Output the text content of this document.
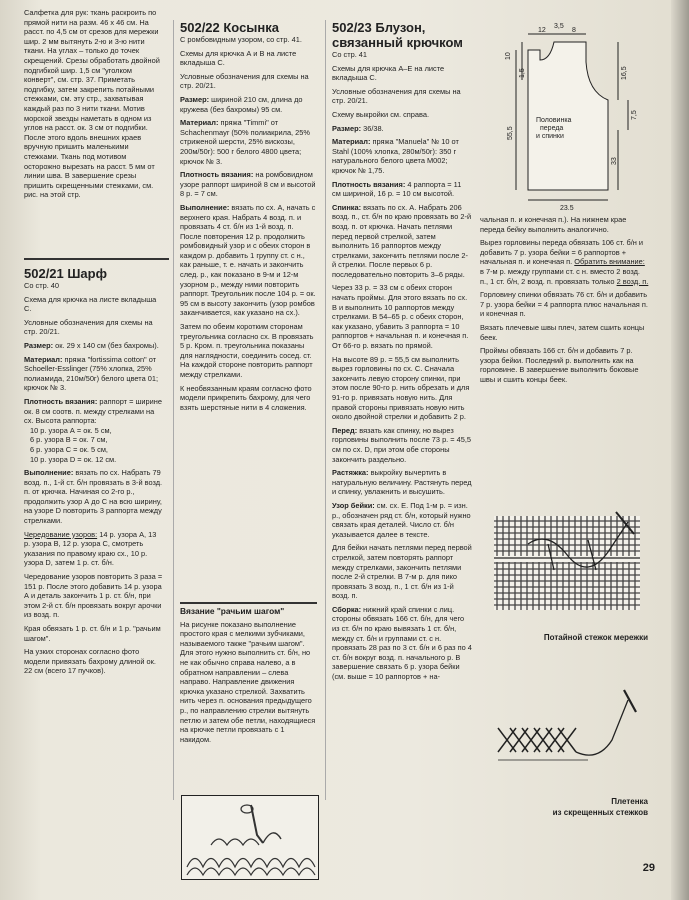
Салфетка для рук: ткань раскроить по прямой нити на разм. 46 x 46 см. На расст. по 4,5 см от срезов для мережки шир. 2 мм вытянуть 2-ю и 3-ю нити ткани. На углах – только до точек скрещений. Срезы обработать двойной подгибкой шир. 1,5 см "уголком конверт", см. стр. 37. Приметать подгибку, затем закрепить потайными стежками, см. эту стр., захватывая каждый раз по 3 нити ткани. Мотив морской звезды наметать в одном из углов на расст. ок. 3 см от подгибки. После этого вдоль внешних краев вручную пришить маленькими стежками. Ткань под мотивом осторожно вырезать на расст. 5 мм от линии шва. В завершение срезы пришить скрещенными стежками, см. рис. на этой стр.

502/21 Шарф

Со стр. 40

Схема для крючка на листе вкладыша С.

Условные обозначения для схемы на стр. 20/21.

Размер: ок. 29 x 140 см (без бахромы).

Материал: пряжа "fortissima cotton" от Schoeller-Esslinger (75% хлопка, 25% полиамида, 210м/50г) белого цвета 01; крючок № 3.

Плотность вязания: раппорт = ширине ок. 8 см соотв. п. между стрелками на сх. Высота раппорта:

10 р. узора А = ок. 5 см,
6 р. узора В = ок. 7 см,
6 р. узора С = ок. 5 см,
10 р. узора D = ок. 12 см.

Выполнение: вязать по сх. Набрать 79 возд. п., 1-й ст. б/н провязать в 3-й возд. п. от крючка. Начиная со 2-го р., продолжить узор А до С на всю ширину, на узоре D повторить 3 раппорта между стрелками.

Чередование узоров: 14 р. узора А, 13 р. узора В, 12 р. узора С, смотреть указания по правому краю сх., 10 р. узора D, затем 1 р. ст. б/н.

Чередование узоров повторить 3 раза = 151 р. После этого добавить 14 р. узора А и деталь закончить 1 р. ст. б/н, при этом 2-й ст. б/н провязать вокруг арочки из возд. п.

Края обвязать 1 р. ст. б/н и 1 р. "рачьим шагом".

На узких сторонах согласно фото модели привязать бахрому длиной ок. 22 см (всего 17 пучков).

502/22 Косынка

С ромбовидным узором, со стр. 41.

Схемы для крючка А и В на листе вкладыша С.

Условные обозначения для схемы на стр. 20/21.

Размер: шириной 210 см, длина до кружева (без бахромы) 95 см.

Материал: пряжа "Timmi" от Schachenmayr (50% полиакрила, 25% стриженой шерсти, 25% вискозы, 200м/50г): 500 г белого 4800 цвета; крючок № 3.

Плотность вязания: на ромбовидном узоре раппорт шириной 8 см и высотой 8 р. = 7 см.

Выполнение: вязать по сх. А, начать с верхнего края. Набрать 4 возд. п. и провязать 4 ст. б/н из 1-й возд. п. После повторения 12 р. продолжить ромбовидный узор и с обеих сторон в каждом р. добавить 1 группу ст. с н., как раньше, т. е. начать и закончить след. р., как показано в 9-м и 12-м узорном р., между ними повторить раппорт. Треугольник после 104 р. = ок. 95 см в высоту закончить (узор ромбов заканчивается, как указано на сх.).

Затем по обеим коротким сторонам треугольника согласно сх. В провязать 5 р. Кром. п. треугольника показаны для наглядности, соединить сосед. ст. На каждой стороне повторить раппорт между стрелками.

К необвязанным краям согласно фото модели прикрепить бахрому, для чего взять шерстяные нити в 4 сложения.

Вязание "рачьим шагом"

На рисунке показано выполнение простого края с мелкими зубчиками, называемого также "рачьим шагом". Для этого нужно выполнить ст. б/н, но не как обычно справа налево, а в обратном направлении – слева направо. Направление движения крючка указано стрелкой. Захватить нить через п. основания предыдущего р., по направлению стрелки вытянуть петлю и затем обе петли, находящиеся на крючке петли провязать с 1 накидом.

502/23 Блузон, связанный крючком

Со стр. 41

Схемы для крючка А–Е на листе вкладыша С.

Условные обозначения для схемы на стр. 20/21.

Схему выкройки см. справа.

Размер: 36/38.

Материал: пряжа "Manuela" № 10 от Stahl (100% хлопка, 280м/50г): 350 г натурального белого цвета М002; крючок № 1,75.

Плотность вязания: 4 раппорта = 11 см шириной, 16 р. = 10 см высотой.

Спинка: вязать по сх. А. Набрать 206 возд. п., ст. б/н по краю провязать во 2-й возд. п. от крючка. Начать петлями перед первой стрелкой, затем выполнить 16 раппортов между стрелками, закончить петлями после 2-й стрелки. После первых 6 р. последовательно повторить 3–6 ряды.

Через 33 р. = 33 см с обеих сторон начать проймы. Для этого вязать по сх. В и выполнить 10 раппортов между стрелками. В 54–65 р. с обеих сторон, как указано, убавить 3 раппорта = 10 раппортов + начальная п. и конечная п. От 66-го р. вязать по прямой.

На высоте 89 р. = 55,5 см выполнить вырез горловины по сх. С. Сначала закончить левую сторону спинки, при этом после 90-го р. нить обрезать и для 91-го р. привязать новую нить. Для правой стороны привязать новую нить около двойной стрелки и добавить 2 р.

Перед: вязать как спинку, но вырез горловины выполнить после 73 р. = 45,5 см по сх. D, при этом обе стороны закончить раздельно.

Растяжка: выкройку вычертить в натуральную величину. Растянуть перед и спинку, увлажнить и высушить.

Узор бейки: см. сх. Е. Под 1-м р. = изн. р., обозначен ряд ст. б/н, который нужно связать края деталей. Число ст. б/н указывается далее в тексте.

Для бейки начать петлями перед первой стрелкой, затем повторять раппорт между стрелками, закончить петлями после 2-й стрелки. В 7-м р. для пико провязать 3 возд. п., 1 ст. б/н из 1-й возд. п.

Сборка: нижний край спинки с лиц. стороны обвязать 166 ст. б/н, для чего из ст. б/н по краю вывязать 1 ст. б/н, между ст. б/н и группами ст. с н. провязать 28 раз по 3 ст. б/н и 6 раз по 4 ст. б/н вокруг возд. п. начального р. В завершение связать 6 р. узора бейки (см. выше = 10 раппортов + на-

12
3,5
8
10
1,5	16,5
7,5
33
55,5
23,5
Половинка
переда
и спинки

чальная п. и конечная п.). На нижнем крае переда бейку выполнить аналогично.

Вырез горловины переда обвязать 106 ст. б/н и добавить 7 р. узора бейки = 6 раппортов + начальная п. и конечная п. Обратить внимание: в 7-м р. между группами ст. с н. вместо 2 возд. п., 1 ст. б/н, 2 возд. п. провязать только 2 возд. п.

Горловину спинки обвязать 76 ст. б/н и добавить 7 р. узора бейки = 4 раппорта плюс начальная п. и конечная п.

Вязать плечевые швы плеч, затем сшить концы беек.

Проймы обвязать 166 ст. б/н и добавить 7 р. узора бейки. Последний р. выполнить как на горловине. В завершение выполнить боковые швы и сшить концы беек.

Потайной стежок мережки
Плетенка
из скрещенных стежков
29
